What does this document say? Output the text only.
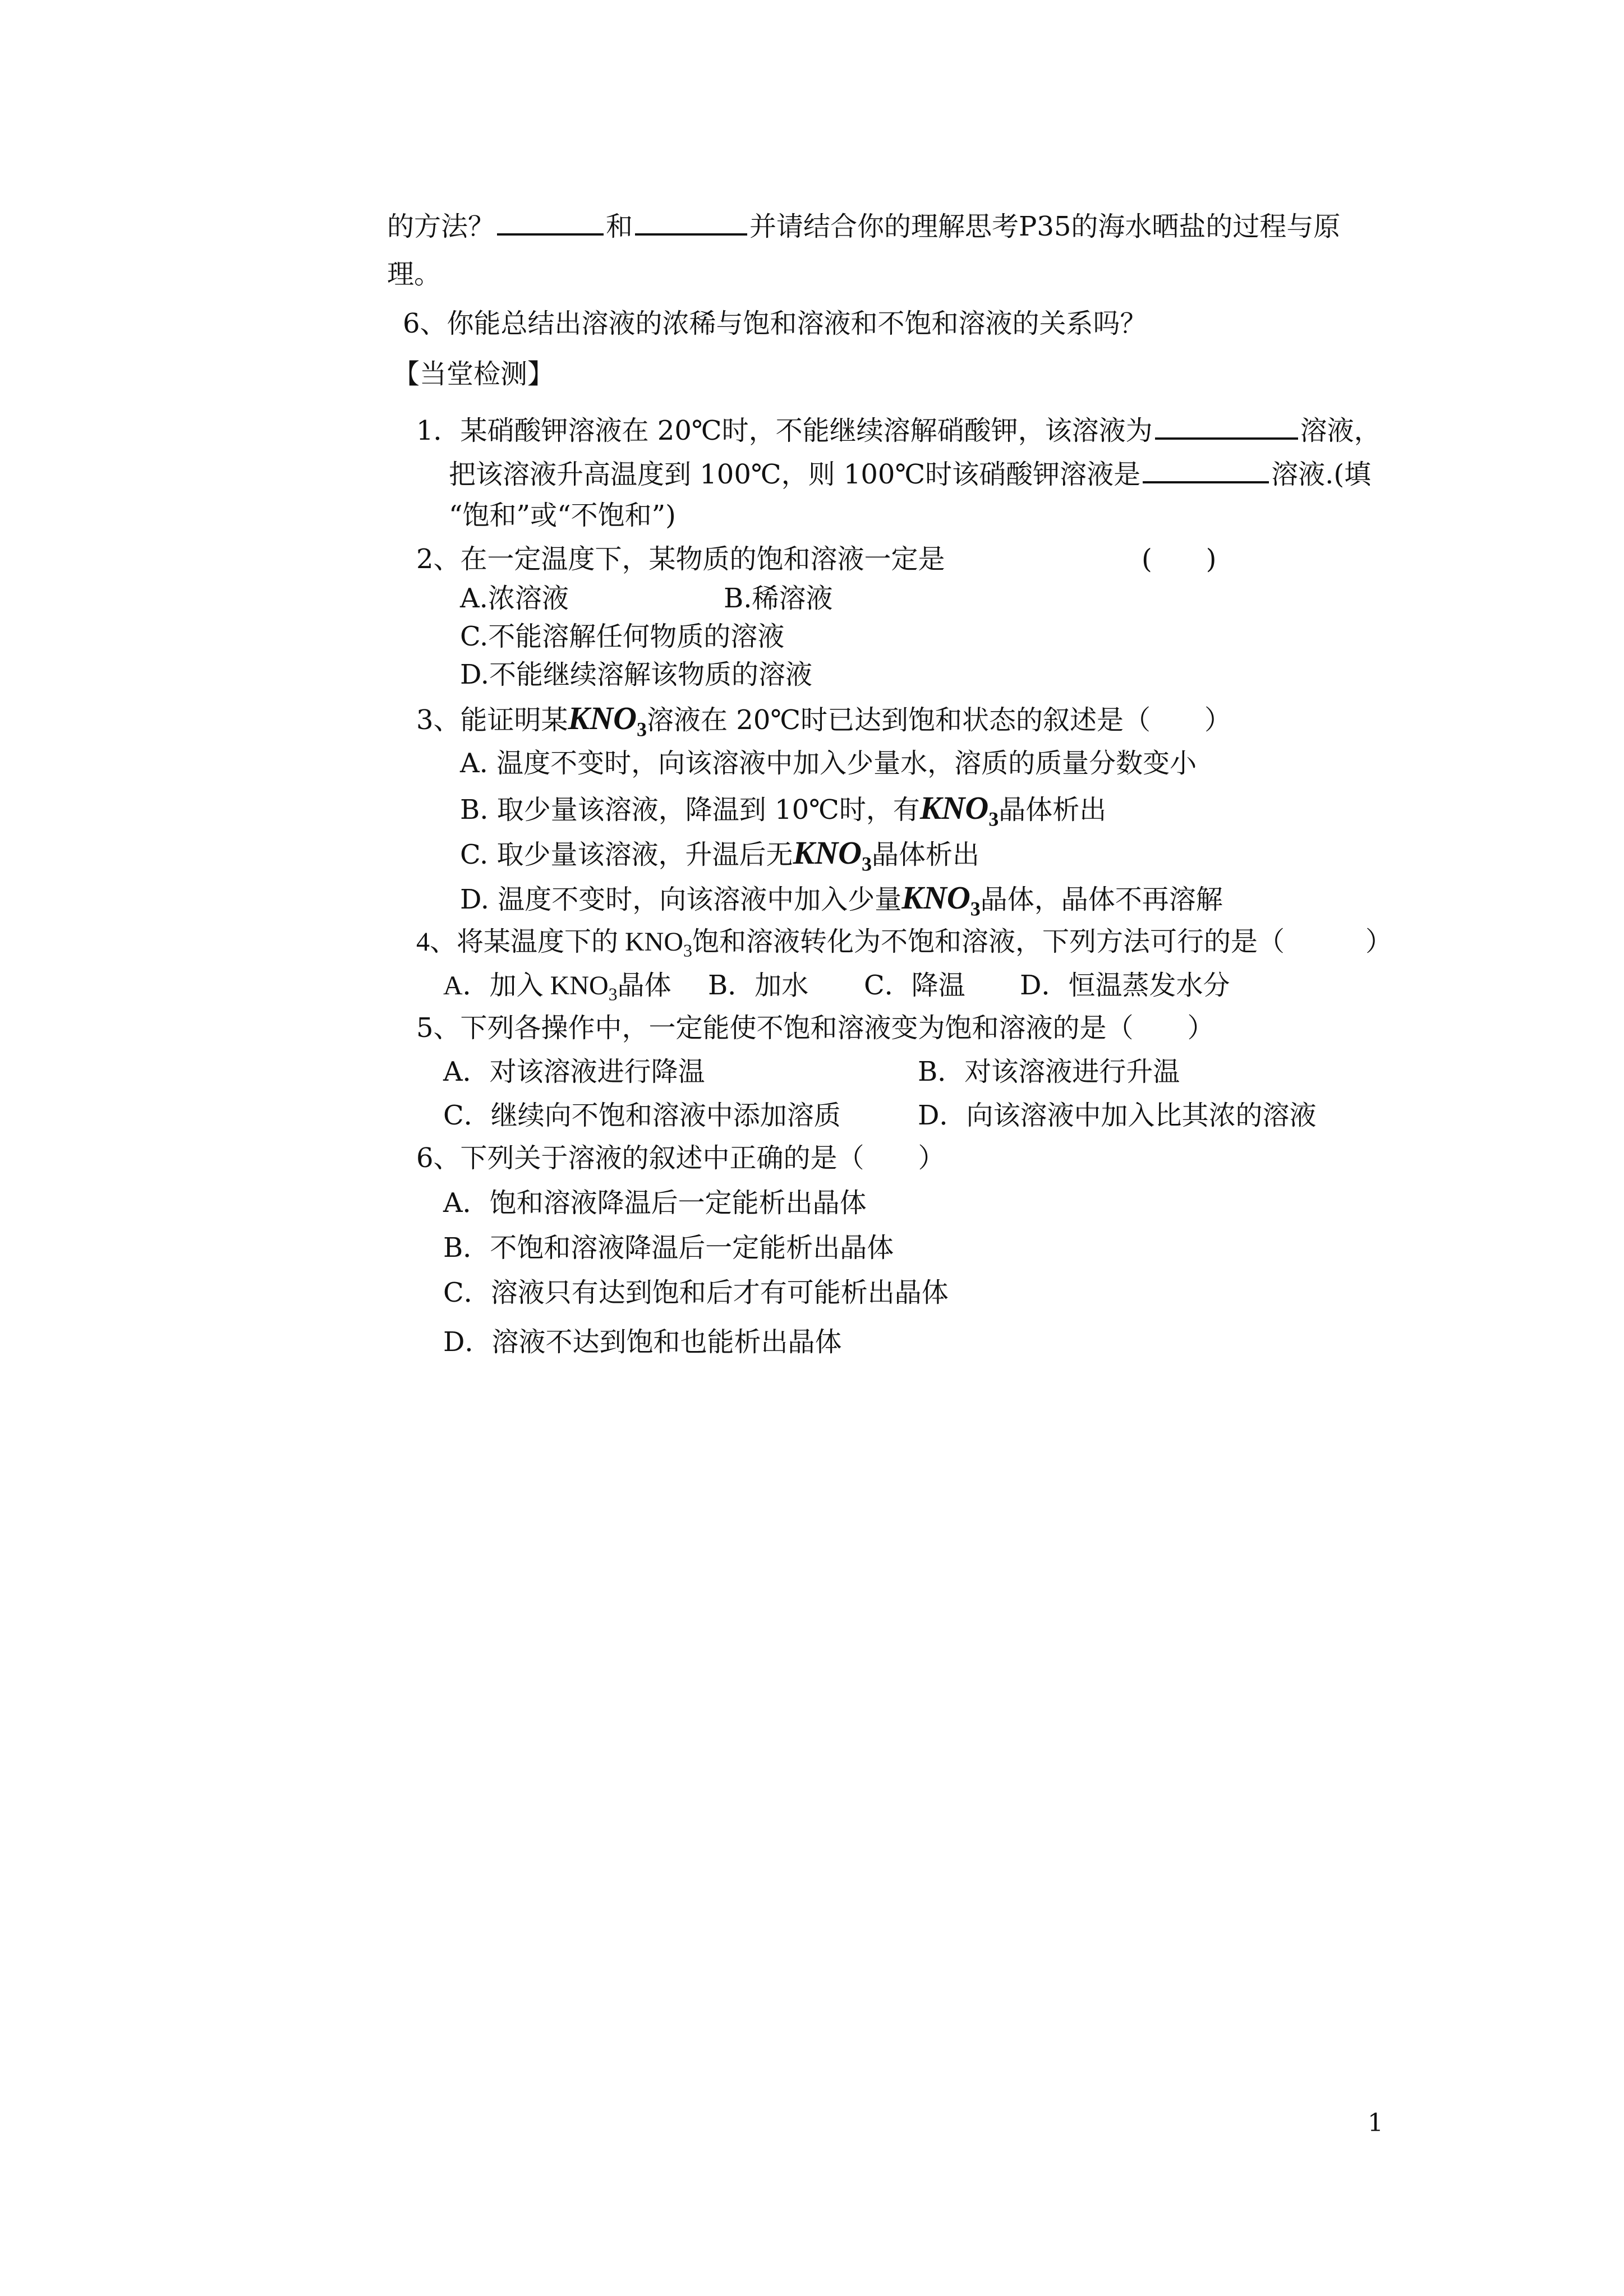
的方法？	和	并请结合你的理解思考P35的海水晒盐的过程与原
理。
6、你能总结出溶液的浓稀与饱和溶液和不饱和溶液的关系吗？
【当堂检测】
1．某硝酸钾溶液在 20℃时，不能继续溶解硝酸钾，该溶液为	溶液，
把该溶液升高温度到 100℃，则 100℃时该硝酸钾溶液是	溶液.(填
“饱和”或“不饱和”)
2、在一定温度下，某物质的饱和溶液一定是	(　　)
A.浓溶液	B.稀溶液
C.不能溶解任何物质的溶液
D.不能继续溶解该物质的溶液
3、能证明某$KNO_3$溶液在 20℃时已达到饱和状态的叙述是（　　）
A. 温度不变时，向该溶液中加入少量水，溶质的质量分数变小
B. 取少量该溶液，降温到 10℃时，有$KNO_3$晶体析出
C. 取少量该溶液，升温后无$KNO_3$晶体析出
D. 温度不变时，向该溶液中加入少量$KNO_3$晶体，晶体不再溶解
4、将某温度下的 $KNO_3$饱和溶液转化为不饱和溶液，下列方法可行的是（　　　）
A．加入 $KNO_3$晶体 B．加水 C．降温 D．恒温蒸发水分
5、下列各操作中，一定能使不饱和溶液变为饱和溶液的是（　　）
A．对该溶液进行降温	B．对该溶液进行升温
C．继续向不饱和溶液中添加溶质	D．向该溶液中加入比其浓的溶液
6、下列关于溶液的叙述中正确的是（　　）
A．饱和溶液降温后一定能析出晶体
B．不饱和溶液降温后一定能析出晶体
C．溶液只有达到饱和后才有可能析出晶体
D．溶液不达到饱和也能析出晶体
1
